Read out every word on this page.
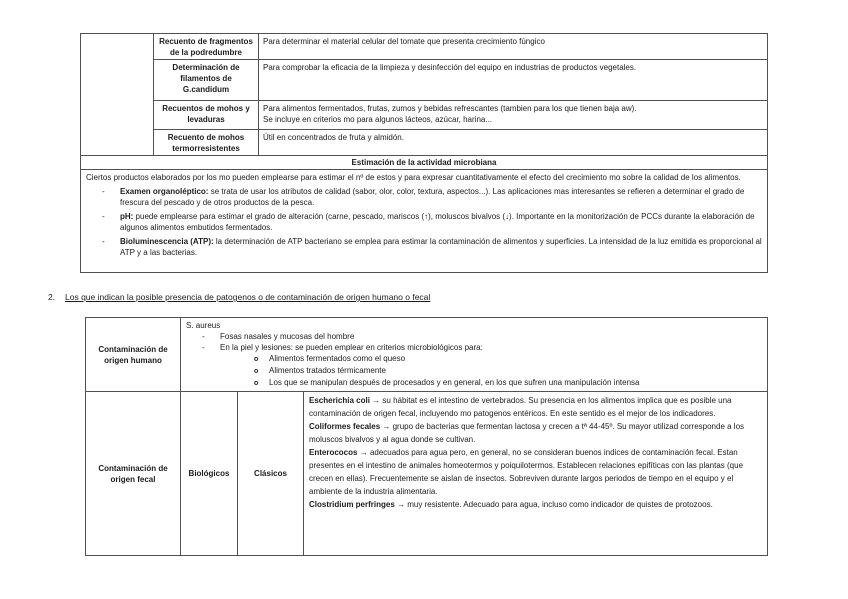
	Recuento de fragmentos de la podredumbre	Para determinar el material celular del tomate que presenta crecimiento fúngico

	Determinación de filamentos de G.candidum	Para comprobar la eficacia de la limpieza y desinfección del equipo en industrias de productos vegetales.

	Recuentos de mohos y levaduras	Para alimentos fermentados, frutas, zumos y bebidas refrescantes (tambien para los que tienen baja aw).
Se incluye en criterios mo para algunos lácteos, azúcar, harina...

	Recuento de mohos termorresistentes	Útil en concentrados de fruta y almidón.

Estimación de la actividad microbiana		

Ciertos productos elaborados por los mo pueden emplearse para estimar el nº de estos y para expresar cuantitativamente el efecto del crecimiento mo sobre la calidad de los alimentos.
-	Examen organoléptico: se trata de usar los atributos de calidad (sabor, olor, color, textura, aspectos...). Las aplicaciones mas interesantes se refieren a determinar el grado de frescura del pescado y de otros productos de la pesca.
-	pH: puede emplearse para estimar el grado de alteración (carne, pescado, mariscos (↑), moluscos bivalvos (↓). Importante en la monitorización de PCCs durante la elaboración de algunos alimentos embutidos fermentados.
-	Bioluminescencia (ATP): la determinación de ATP bacteriano se emplea para estimar la contaminación de alimentos y superficies. La intensidad de la luz emitida es proporcional al ATP y a las bacterias.
2. Los que indican la posible presencia de patogenos o de contaminación de origen humano o fecal
Contaminación de origen humano	
S. aureus
-	Fosas nasales y mucosas del hombre
-	En la piel y lesiones: se pueden emplear en criterios microbiológicos para:
o	Alimentos fermentados como el queso
o	Alimentos tratados térmicamente
o	Los que se manipulan después de procesados y en general, en los que sufren una manipulación intensa

Contaminación de origen fecal	Biológicos	Clásicos	Escherichia coli → su hábitat es el intestino de vertebrados. Su presencia en los alimentos implica que es posible una contaminación de origen fecal, incluyendo mo patogenos entéricos. En este sentido es el mejor de los indicadores.
Coliformes fecales → grupo de bacterias que fermentan lactosa y crecen a tª 44-45º. Su mayor utilizad corresponde a los moluscos bivalvos y al agua donde se cultivan.
Enterococos → adecuados para agua pero, en general, no se consideran buenos indices de contaminación fecal. Estan presentes en el intestino de animales homeotermos y poiquilotermos. Establecen relaciones epifíticas con las plantas (que crecen en ellas). Frecuentemente se aislan de insectos. Sobreviven durante largos periodos de tiempo en el equipo y el ambiente de la industria alimentaria.
Clostridium perfringes → muy resistente. Adecuado para agua, incluso como indicador de quistes de protozoos.
